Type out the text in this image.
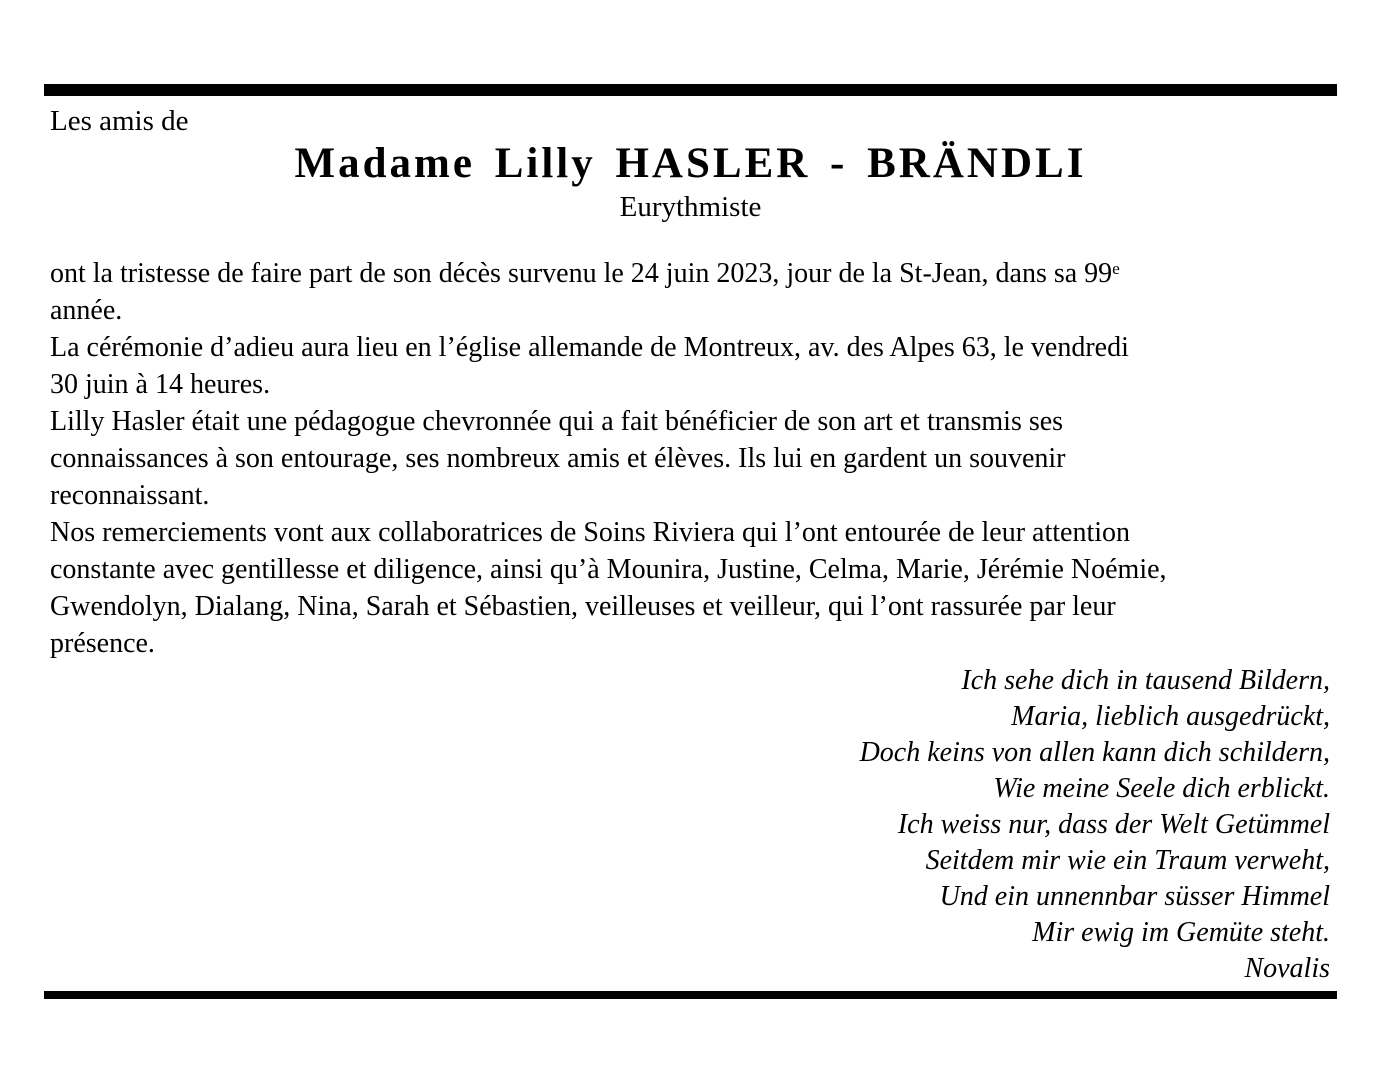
Les amis de
Madame Lilly HASLER - BRÄNDLI
Eurythmiste
ont la tristesse de faire part de son décès survenu le 24 juin 2023, jour de la St-Jean, dans sa 99e
année.
La cérémonie d’adieu aura lieu en l’église allemande de Montreux, av. des Alpes 63, le vendredi
30 juin à 14 heures.
Lilly Hasler était une pédagogue chevronnée qui a fait bénéficier de son art et transmis ses
connaissances à son entourage, ses nombreux amis et élèves. Ils lui en gardent un souvenir
reconnaissant.
Nos remerciements vont aux collaboratrices de Soins Riviera qui l’ont entourée de leur attention
constante avec gentillesse et diligence, ainsi qu’à Mounira, Justine, Celma, Marie, Jérémie Noémie,
Gwendolyn, Dialang, Nina, Sarah et Sébastien, veilleuses et veilleur, qui l’ont rassurée par leur
présence.
Ich sehe dich in tausend Bildern,
Maria, lieblich ausgedrückt,
Doch keins von allen kann dich schildern,
Wie meine Seele dich erblickt.
Ich weiss nur, dass der Welt Getümmel
Seitdem mir wie ein Traum verweht,
Und ein unnennbar süsser Himmel
Mir ewig im Gemüte steht.
Novalis
